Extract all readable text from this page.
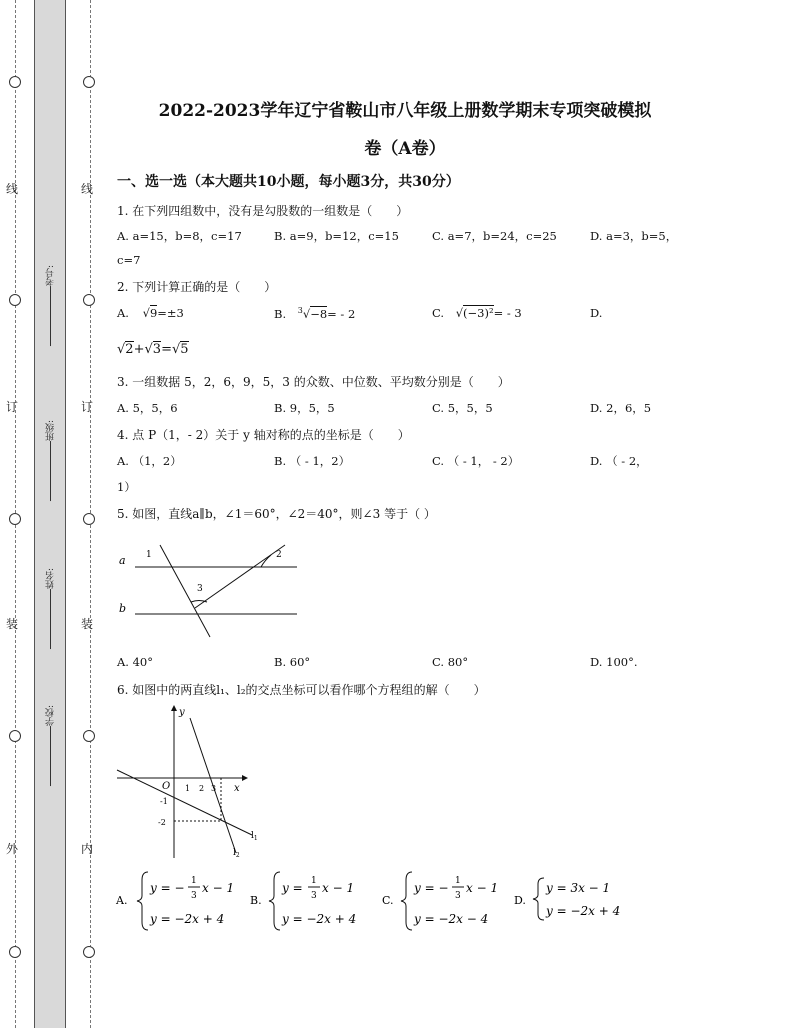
线
订
装
外
线
订
装
内
考号:
班级:
姓名:
学校:
2022-2023学年辽宁省鞍山市八年级上册数学期末专项突破模拟
卷（A卷）
一、选一选（本大题共10小题，每小题3分，共30分）
1. 在下列四组数中，没有是勾股数的一组数是（　　）
A. a=15，b=8，c=17	B. a=9，b=12，c=15	C. a=7，b=24，c=25	D. a=3，b=5，
c=7
2. 下列计算正确的是（　　）
A. √9=±3	B. $^3$√−8= - 2	C. √(−3)²= - 3	D.
√2+√3=√5
3. 一组数据 5，2，6，9，5，3 的众数、中位数、平均数分别是（　　）
A. 5，5，6	B. 9，5，5	C. 5，5，5	D. 2，6，5
4. 点 P（1，- 2）关于 y 轴对称的点的坐标是（　　）
A. （1，2）	B. （ - 1，2）	C. （ - 1， - 2）	D. （ - 2，
1）
5. 如图，直线a∥b，∠1＝60°，∠2＝40°，则∠3 等于（ ）
a
b
1	2
3
A. 40°	B. 60°	C. 80°	D. 100°.
6. 如图中的两直线l₁、l₂的交点坐标可以看作哪个方程组的解（　　）
y
x
O 1 2 3
-1
-2
$l_1$
$l_2$
A.
y = − 1
3
x − 1
y = −2x + 4
B.
y = 1
3
x − 1
y = −2x + 4
C.
y = − 1
3
x − 1
y = −2x − 4
D.
y = 3x − 1
y = −2x + 4
